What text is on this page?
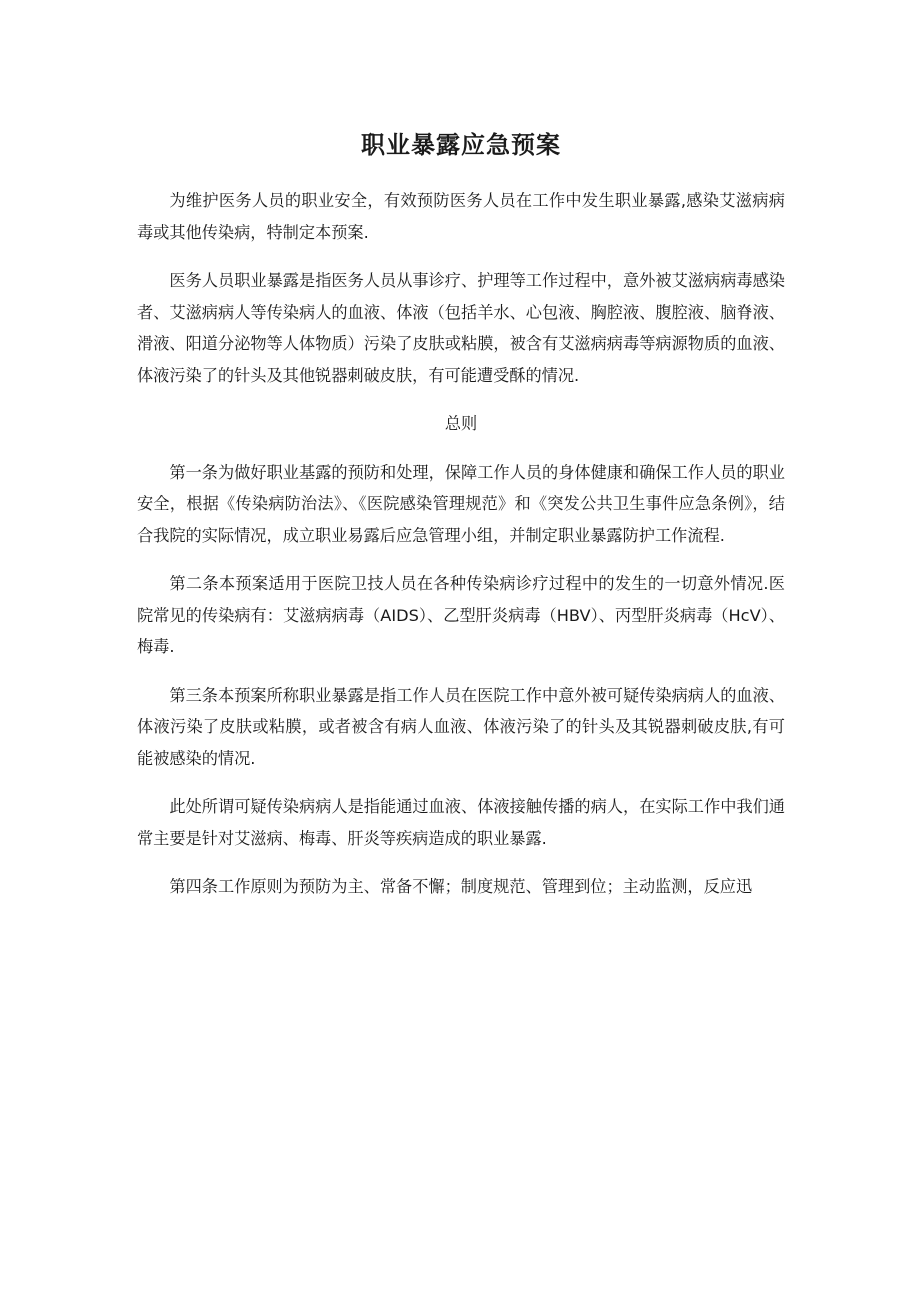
职业暴露应急预案

为维护医务人员的职业安全，有效预防医务人员在工作中发生职业暴露,感染艾滋病病毒或其他传染病，特制定本预案.

医务人员职业暴露是指医务人员从事诊疗、护理等工作过程中，意外被艾滋病病毒感染者、艾滋病病人等传染病人的血液、体液（包括羊水、心包液、胸腔液、腹腔液、脑脊液、滑液、阳道分泌物等人体物质）污染了皮肤或粘膜，被含有艾滋病病毒等病源物质的血液、体液污染了的针头及其他锐器刺破皮肤，有可能遭受酥的情况.

总则

第一条为做好职业基露的预防和处理，保障工作人员的身体健康和确保工作人员的职业安全，根据《传染病防治法》、《医院感染管理规范》和《突发公共卫生事件应急条例》，结合我院的实际情况，成立职业易露后应急管理小组，并制定职业暴露防护工作流程.

第二条本预案适用于医院卫技人员在各种传染病诊疗过程中的发生的一切意外情况.医院常见的传染病有：艾滋病病毒（AIDS）、乙型肝炎病毒（HBV）、丙型肝炎病毒（HcV）、梅毒.

第三条本预案所称职业暴露是指工作人员在医院工作中意外被可疑传染病病人的血液、体液污染了皮肤或粘膜，或者被含有病人血液、体液污染了的针头及其锐器刺破皮肤,有可能被感染的情况.

此处所谓可疑传染病病人是指能通过血液、体液接触传播的病人，在实际工作中我们通常主要是针对艾滋病、梅毒、肝炎等疾病造成的职业暴露.

第四条工作原则为预防为主、常备不懈；制度规范、管理到位；主动监测，反应迅
